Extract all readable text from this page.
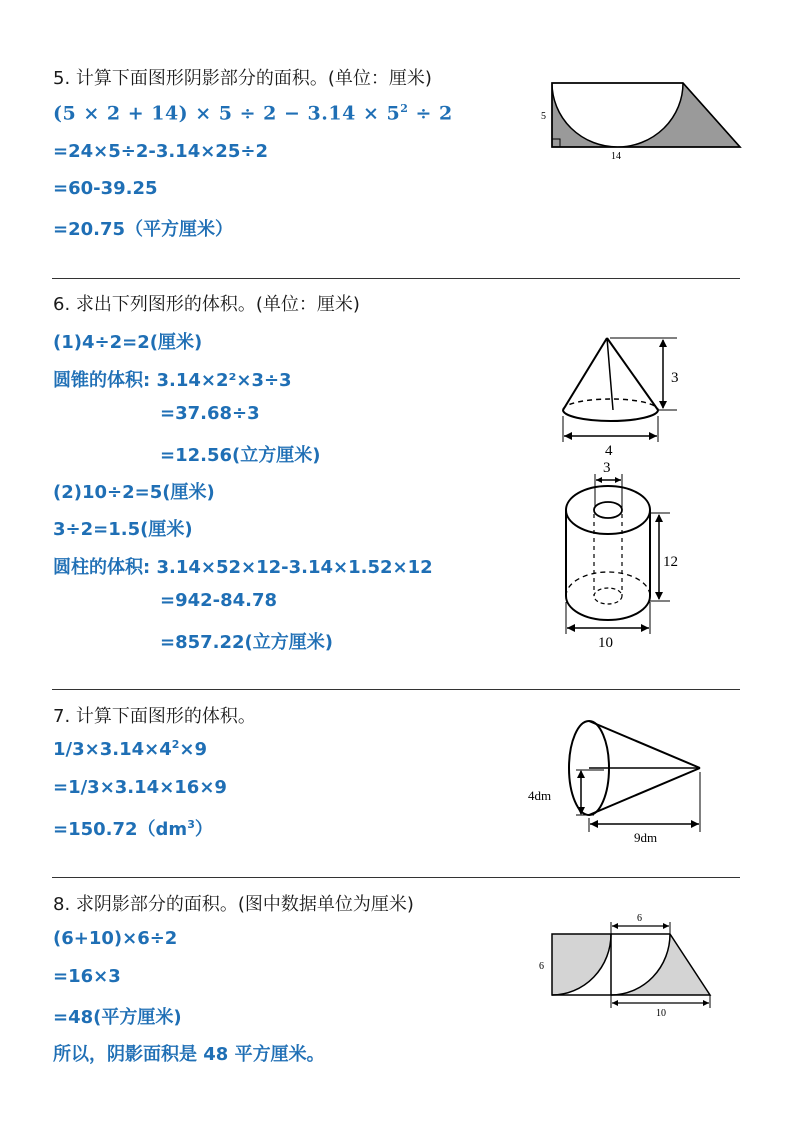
5. 计算下面图形阴影部分的面积。(单位：厘米)
$(5 \times 2 + 14) \times 5 \div 2 - 3.14 \times 5^2 \div 2$
=24×5÷2-3.14×25÷2
=60-39.25
=20.75（平方厘米）
5
14
6. 求出下列图形的体积。(单位：厘米)
(1)4÷2=2(厘米)
圆锥的体积: 3.14×2²×3÷3
=37.68÷3
=12.56(立方厘米)
(2)10÷2=5(厘米)
3÷2=1.5(厘米)
圆柱的体积: 3.14×52×12-3.14×1.52×12
=942-84.78
=857.22(立方厘米)
3
4
3
12
10
7. 计算下面图形的体积。
$1/3\times 3.14\times 4^2\times 9$
=1/3×3.14×16×9
$=150.72(dm^3)$
4dm
9dm
8. 求阴影部分的面积。(图中数据单位为厘米)
(6+10)×6÷2
=16×3
=48(平方厘米)
所以，阴影面积是 48 平方厘米。
6
6
10
